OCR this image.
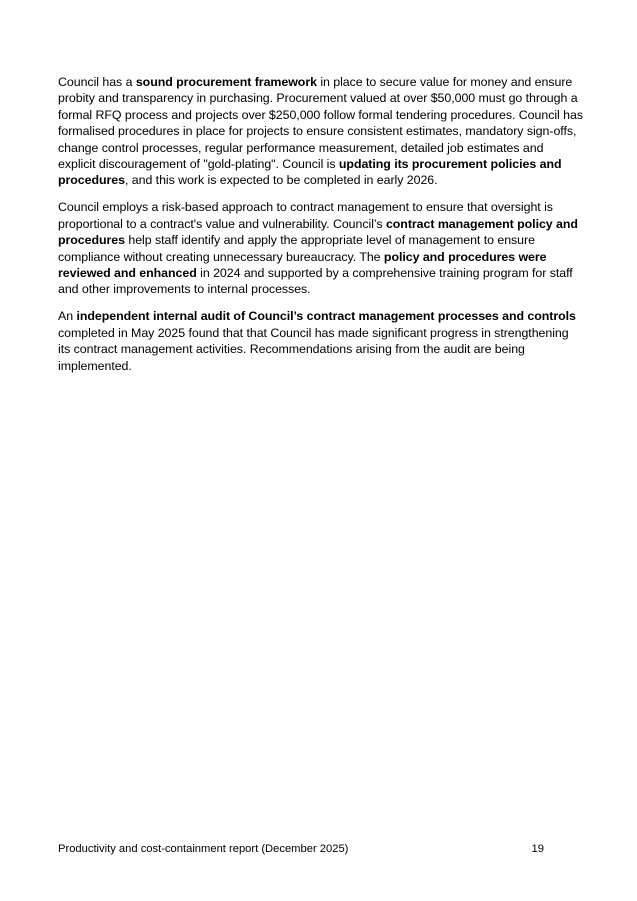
Council has a sound procurement framework in place to secure value for money and ensure probity and transparency in purchasing. Procurement valued at over $50,000 must go through a formal RFQ process and projects over $250,000 follow formal tendering procedures. Council has formalised procedures in place for projects to ensure consistent estimates, mandatory sign-offs, change control processes, regular performance measurement, detailed job estimates and explicit discouragement of "gold-plating". Council is updating its procurement policies and procedures, and this work is expected to be completed in early 2026.

Council employs a risk-based approach to contract management to ensure that oversight is proportional to a contract's value and vulnerability. Council’s contract management policy and procedures help staff identify and apply the appropriate level of management to ensure compliance without creating unnecessary bureaucracy. The policy and procedures were reviewed and enhanced in 2024 and supported by a comprehensive training program for staff and other improvements to internal processes.

An independent internal audit of Council’s contract management processes and controls completed in May 2025 found that that Council has made significant progress in strengthening its contract management activities. Recommendations arising from the audit are being implemented.

Productivity and cost-containment report (December 2025)	19
